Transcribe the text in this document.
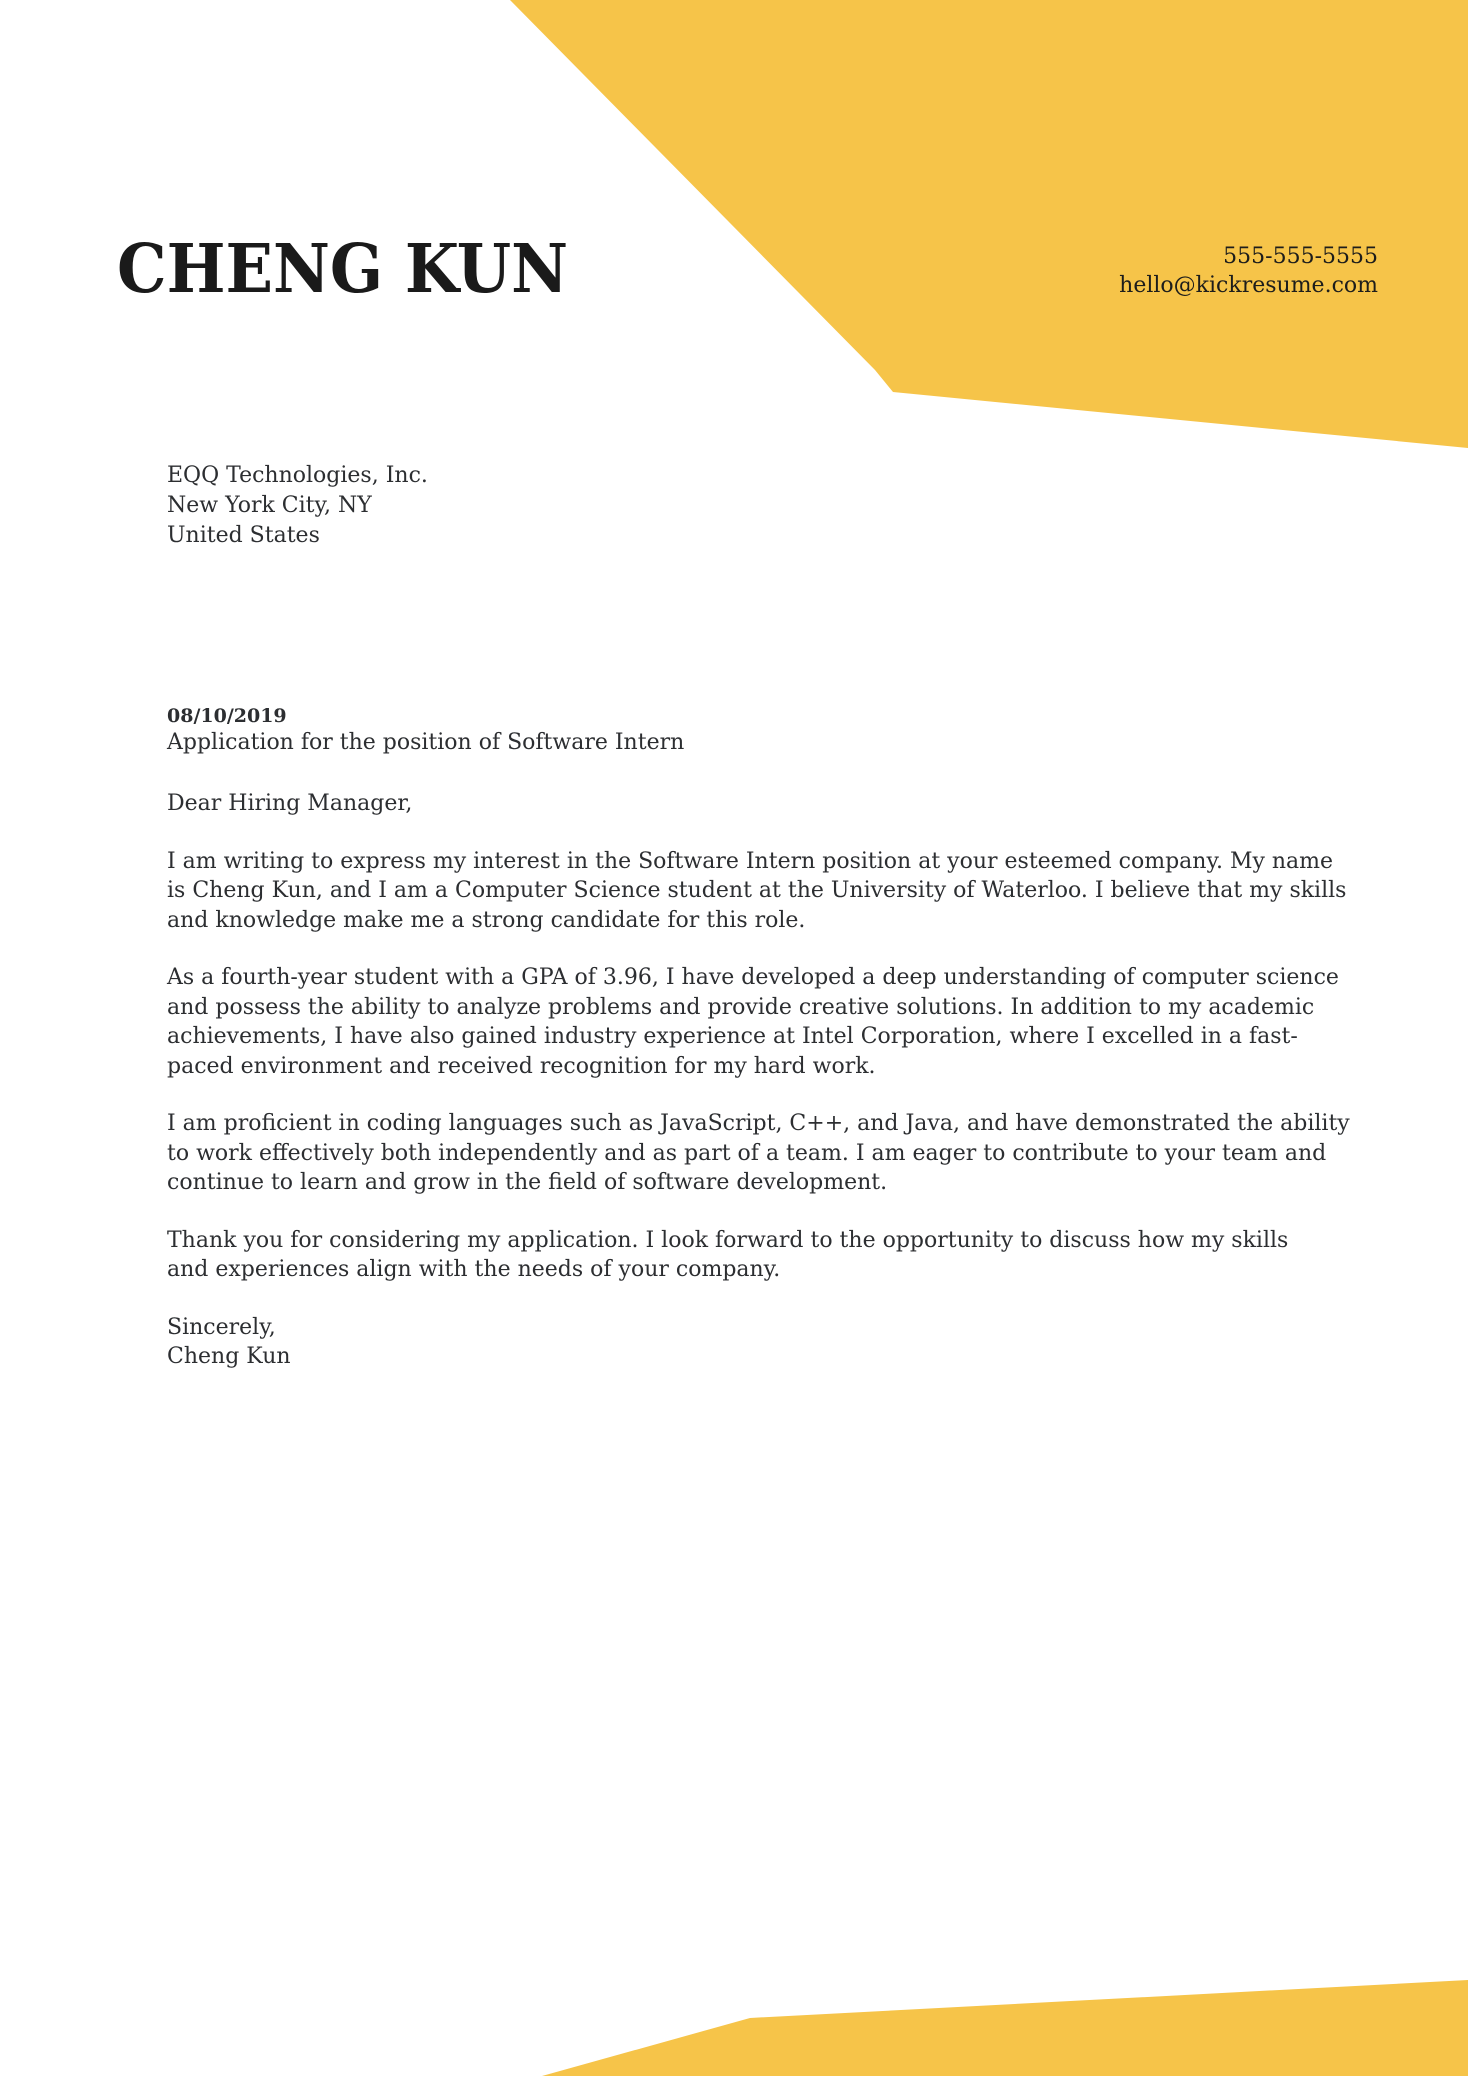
CHENG KUN	555-555-5555
hello@kickresume.com
EQQ Technologies, Inc.
New York City, NY
United States
08/10/2019
Application for the position of Software Intern
Dear Hiring Manager,
I am writing to express my interest in the Software Intern position at your esteemed company. My name
is Cheng Kun, and I am a Computer Science student at the University of Waterloo. I believe that my skills
and knowledge make me a strong candidate for this role.
As a fourth-year student with a GPA of 3.96, I have developed a deep understanding of computer science
and possess the ability to analyze problems and provide creative solutions. In addition to my academic
achievements, I have also gained industry experience at Intel Corporation, where I excelled in a fast-
paced environment and received recognition for my hard work.
I am proficient in coding languages such as JavaScript, C++, and Java, and have demonstrated the ability
to work effectively both independently and as part of a team. I am eager to contribute to your team and
continue to learn and grow in the field of software development.
Thank you for considering my application. I look forward to the opportunity to discuss how my skills
and experiences align with the needs of your company.
Sincerely,
Cheng Kun
